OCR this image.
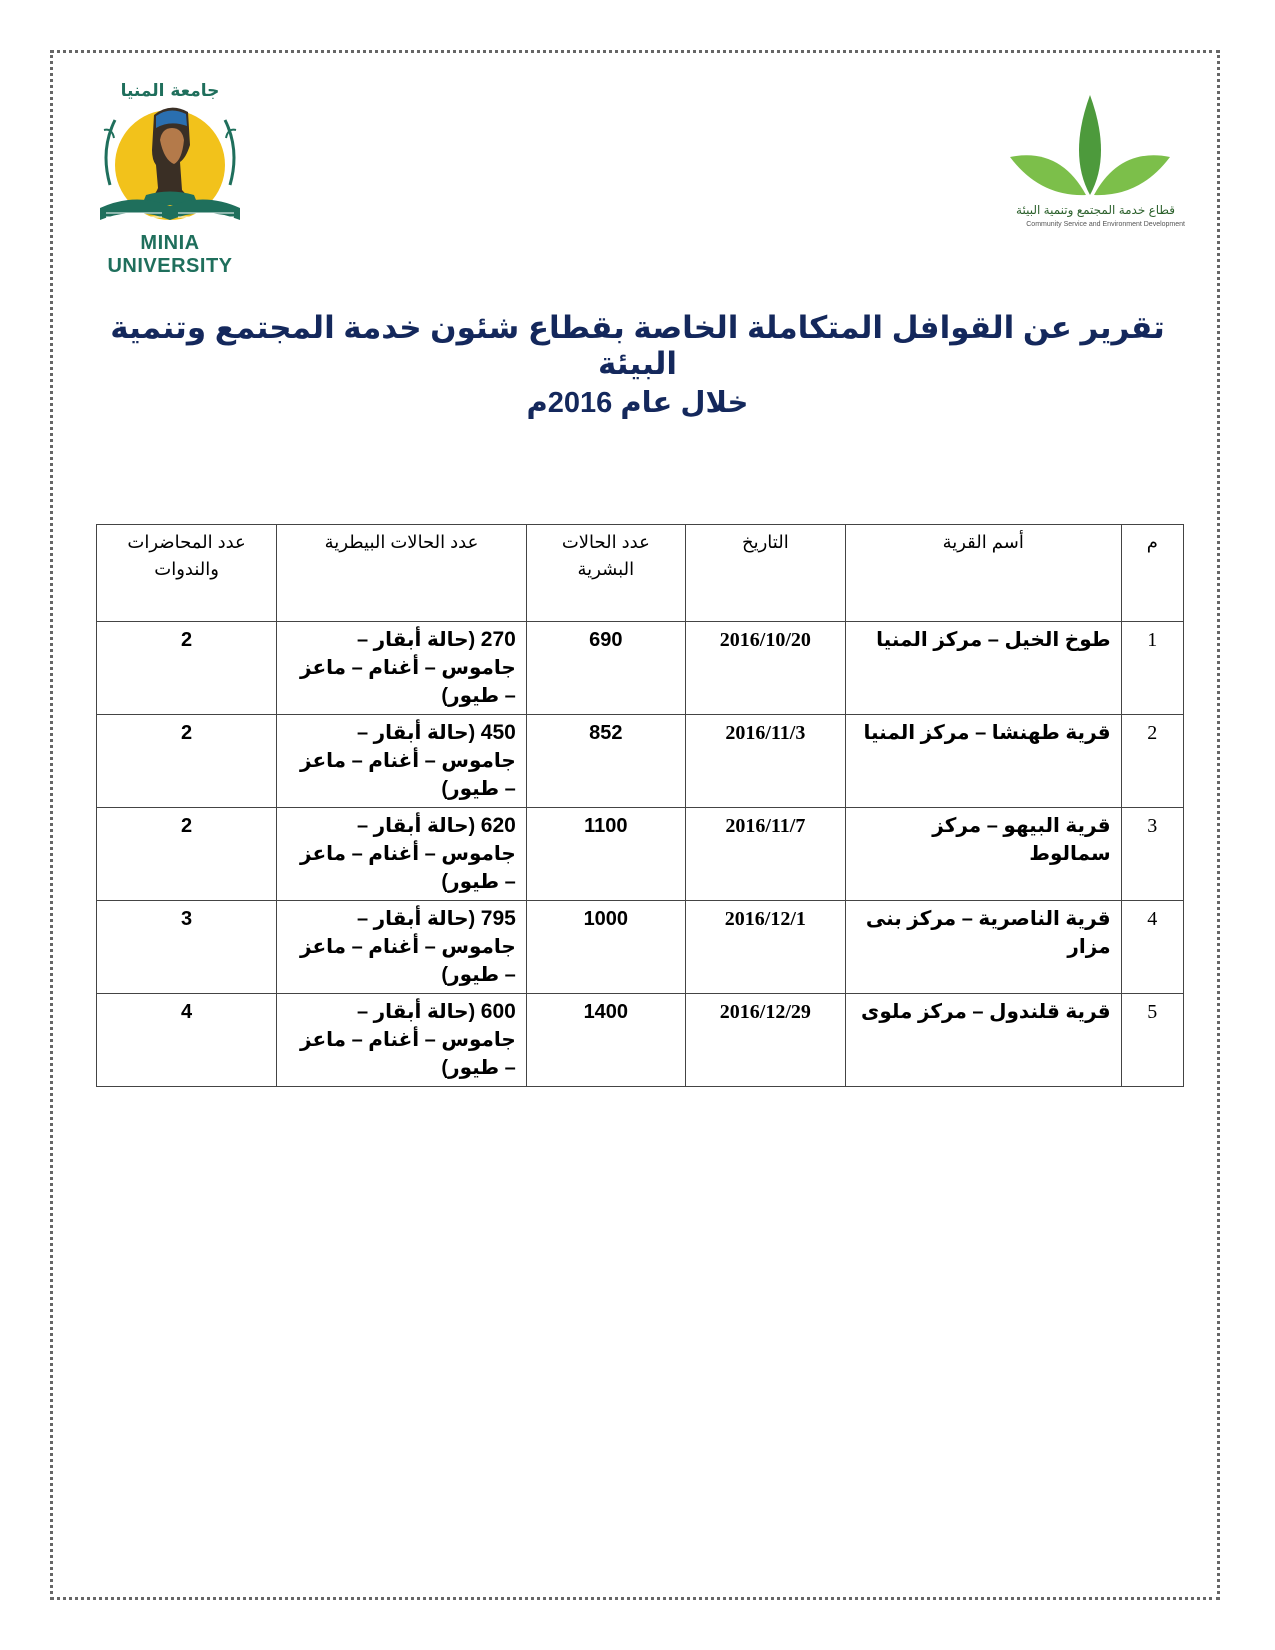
جامعة المنيا
MINIA UNIVERSITY
قطاع خدمة المجتمع وتنمية البيئة
Community Service and Environment Development
تقرير عن القوافل المتكاملة الخاصة بقطاع شئون خدمة المجتمع وتنمية البيئة
خلال عام 2016م
م	أسم القرية	التاريخ	عدد الحالات البشرية	عدد الحالات البيطرية	عدد المحاضرات والندوات
1	طوخ الخيل – مركز المنيا	2016/10/20	690	270 (حالة أبقار – جاموس – أغنام – ماعز – طيور)	2
2	قرية طهنشا – مركز المنيا	2016/11/3	852	450 (حالة أبقار – جاموس – أغنام – ماعز – طيور)	2
3	قرية البيهو – مركز سمالوط	2016/11/7	1100	620 (حالة أبقار – جاموس – أغنام – ماعز – طيور)	2
4	قرية الناصرية – مركز بنى مزار	2016/12/1	1000	795 (حالة أبقار – جاموس – أغنام – ماعز – طيور)	3
5	قرية قلندول – مركز ملوى	2016/12/29	1400	600 (حالة أبقار – جاموس – أغنام – ماعز – طيور)	4
